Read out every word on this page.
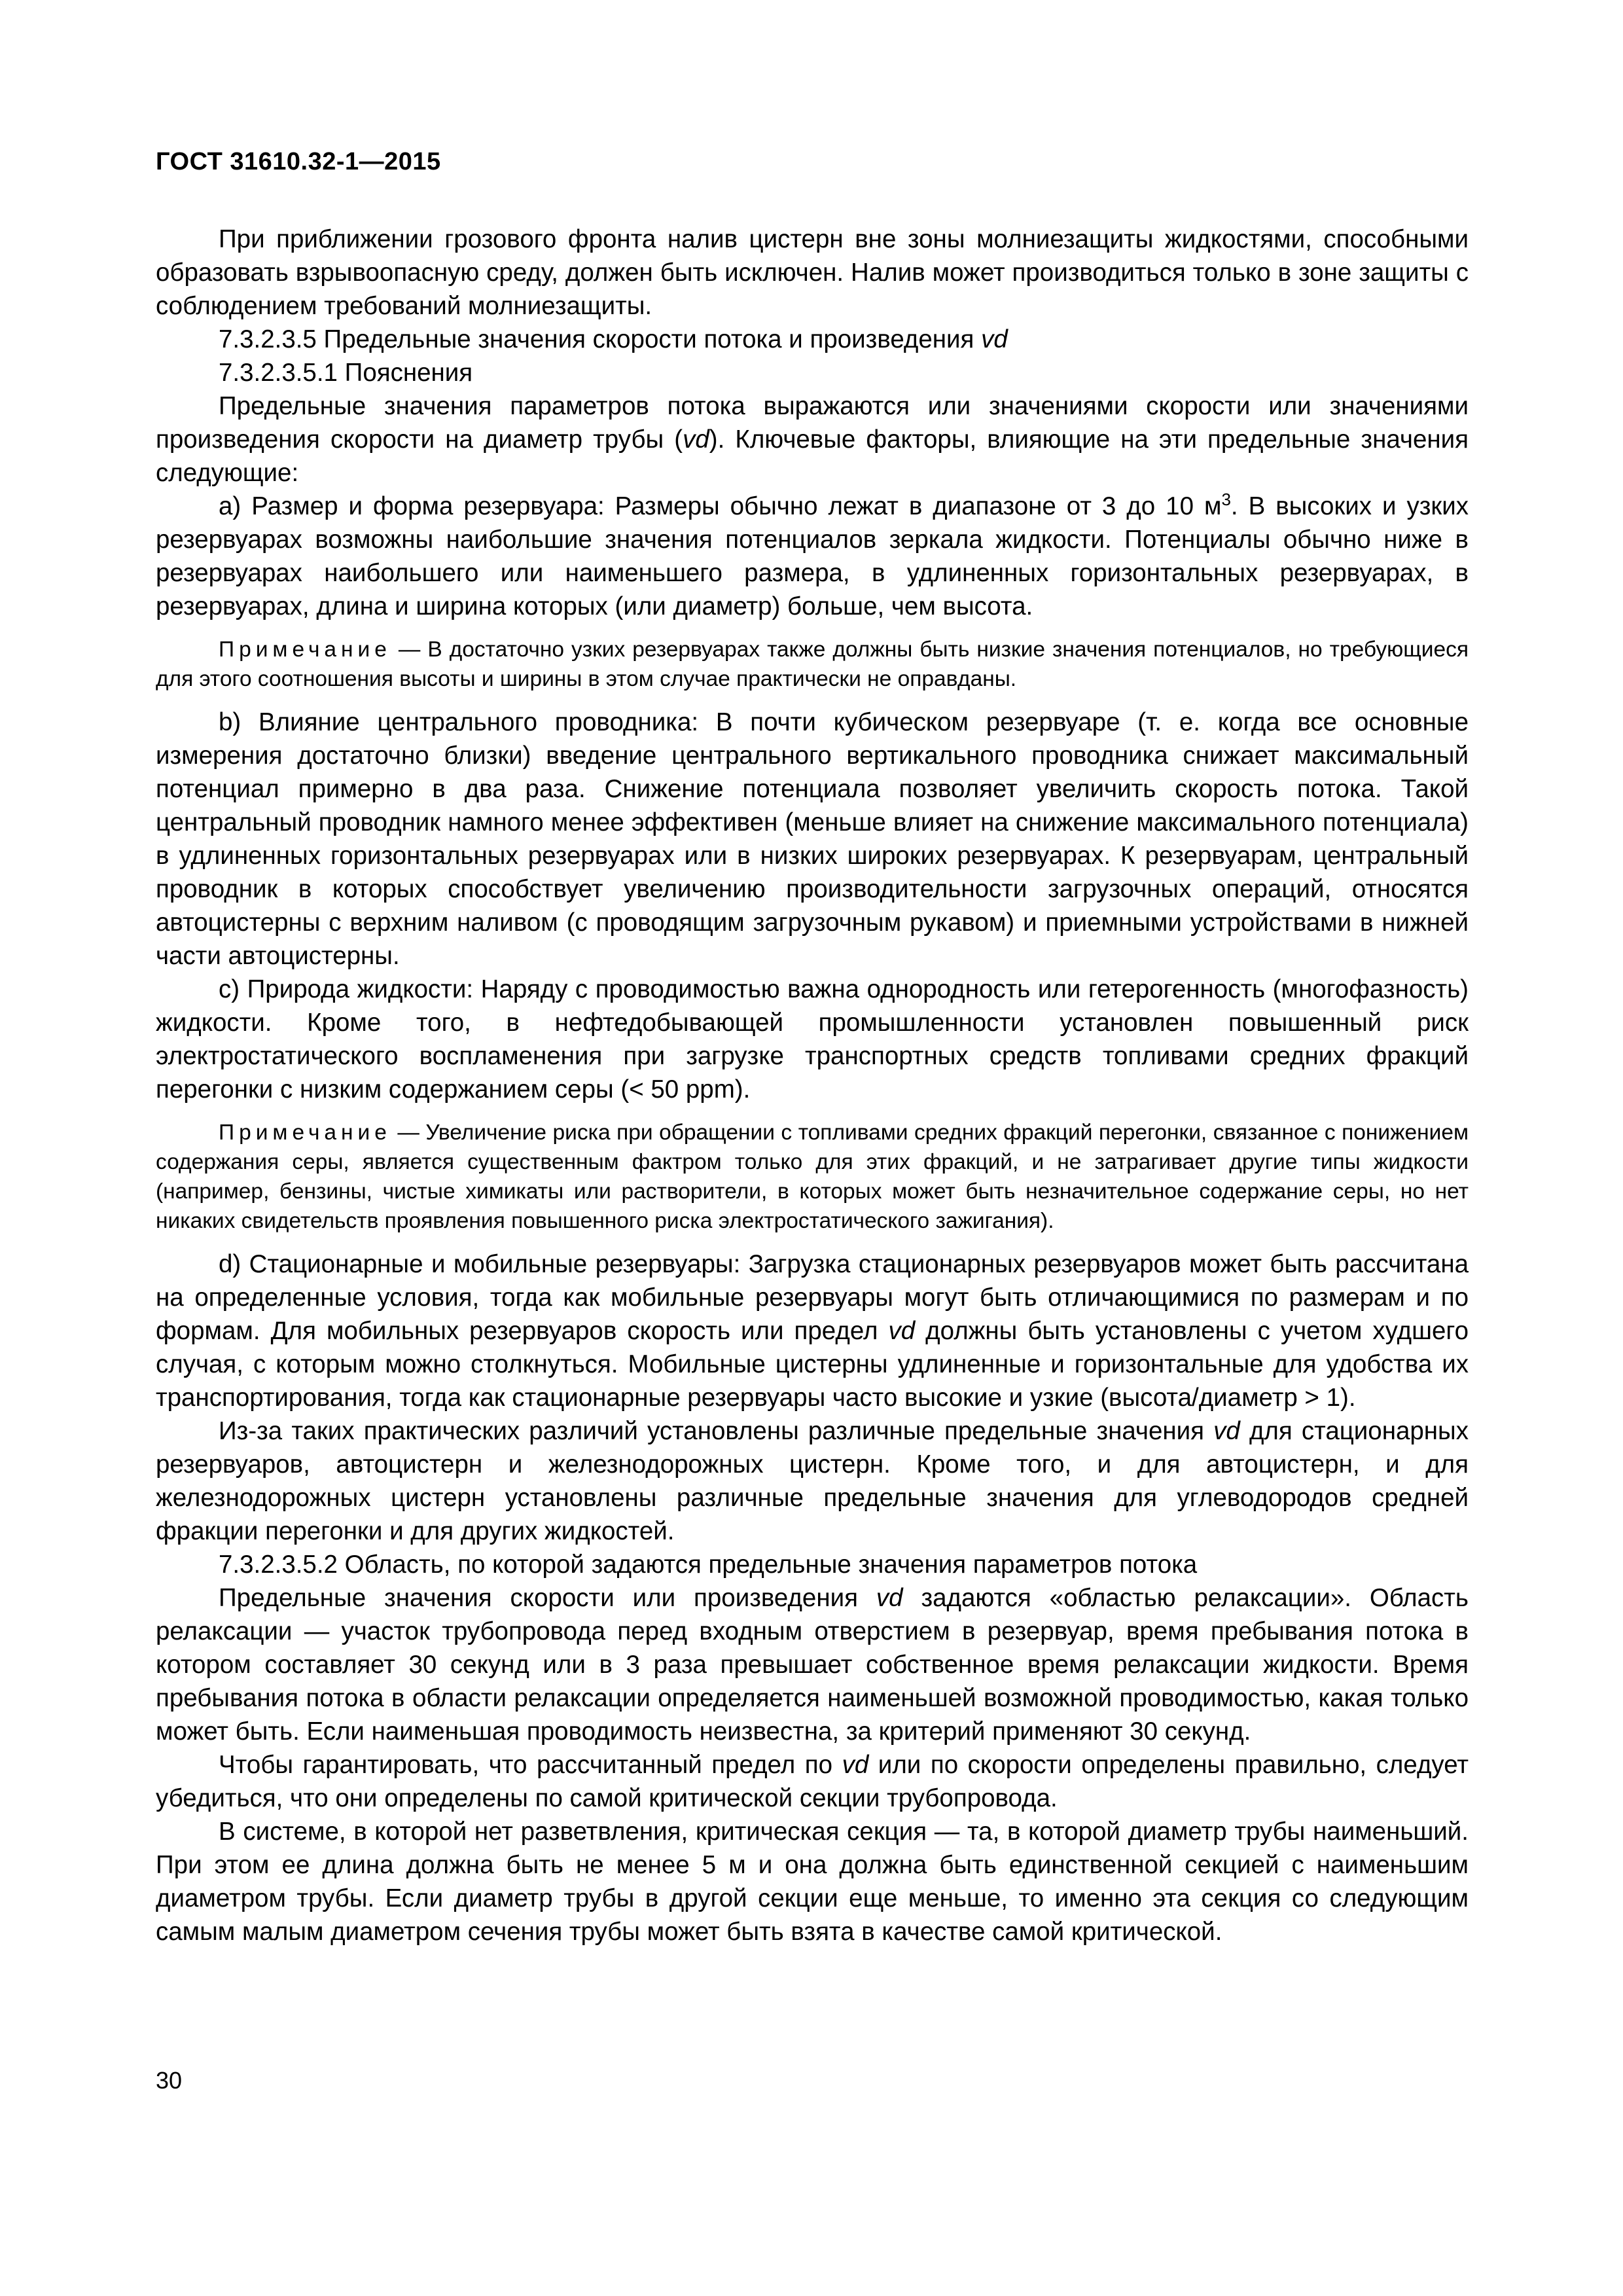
ГОСТ 31610.32-1—2015

При приближении грозового фронта налив цистерн вне зоны молниезащиты жидкостями, способными образовать взрывоопасную среду, должен быть исключен. Налив может производиться только в зоне защиты с соблюдением требований молниезащиты.

7.3.2.3.5 Предельные значения скорости потока и произведения vd

7.3.2.3.5.1 Пояснения

Предельные значения параметров потока выражаются или значениями скорости или значениями произведения скорости на диаметр трубы (vd). Ключевые факторы, влияющие на эти предельные значения следующие:

a) Размер и форма резервуара: Размеры обычно лежат в диапазоне от 3 до 10 $м^3$. В высоких и узких резервуарах возможны наибольшие значения потенциалов зеркала жидкости. Потенциалы обычно ниже в резервуарах наибольшего или наименьшего размера, в удлиненных горизонтальных резервуарах, в резервуарах, длина и ширина которых (или диаметр) больше, чем высота.

Примечание — В достаточно узких резервуарах также должны быть низкие значения потенциалов, но требующиеся для этого соотношения высоты и ширины в этом случае практически не оправданы.

b) Влияние центрального проводника: В почти кубическом резервуаре (т. е. когда все основные измерения достаточно близки) введение центрального вертикального проводника снижает максимальный потенциал примерно в два раза. Снижение потенциала позволяет увеличить скорость потока. Такой центральный проводник намного менее эффективен (меньше влияет на снижение максимального потенциала) в удлиненных горизонтальных резервуарах или в низких широких резервуарах. К резервуарам, центральный проводник в которых способствует увеличению производительности загрузочных операций, относятся автоцистерны с верхним наливом (с проводящим загрузочным рукавом) и приемными устройствами в нижней части автоцистерны.

c) Природа жидкости: Наряду с проводимостью важна однородность или гетерогенность (многофазность) жидкости. Кроме того, в нефтедобывающей промышленности установлен повышенный риск электростатического воспламенения при загрузке транспортных средств топливами средних фракций перегонки с низким содержанием серы (< 50 ppm).

Примечание — Увеличение риска при обращении с топливами средних фракций перегонки, связанное с понижением содержания серы, является существенным фактром только для этих фракций, и не затрагивает другие типы жидкости (например, бензины, чистые химикаты или растворители, в которых может быть незначительное содержание серы, но нет никаких свидетельств проявления повышенного риска электростатического зажигания).

d) Стационарные и мобильные резервуары: Загрузка стационарных резервуаров может быть рассчитана на определенные условия, тогда как мобильные резервуары могут быть отличающимися по размерам и по формам. Для мобильных резервуаров скорость или предел vd должны быть установлены с учетом худшего случая, с которым можно столкнуться. Мобильные цистерны удлиненные и горизонтальные для удобства их транспортирования, тогда как стационарные резервуары часто высокие и узкие (высота/диаметр > 1).

Из-за таких практических различий установлены различные предельные значения vd для стационарных резервуаров, автоцистерн и железнодорожных цистерн. Кроме того, и для автоцистерн, и для железнодорожных цистерн установлены различные предельные значения для углеводородов средней фракции перегонки и для других жидкостей.

7.3.2.3.5.2 Область, по которой задаются предельные значения параметров потока

Предельные значения скорости или произведения vd задаются «областью релаксации». Область релаксации — участок трубопровода перед входным отверстием в резервуар, время пребывания потока в котором составляет 30 секунд или в 3 раза превышает собственное время релаксации жидкости. Время пребывания потока в области релаксации определяется наименьшей возможной проводимостью, какая только может быть. Если наименьшая проводимость неизвестна, за критерий применяют 30 секунд.

Чтобы гарантировать, что рассчитанный предел по vd или по скорости определены правильно, следует убедиться, что они определены по самой критической секции трубопровода.

В системе, в которой нет разветвления, критическая секция — та, в которой диаметр трубы наименьший. При этом ее длина должна быть не менее 5 м и она должна быть единственной секцией с наименьшим диаметром трубы. Если диаметр трубы в другой секции еще меньше, то именно эта секция со следующим самым малым диаметром сечения трубы может быть взята в качестве самой критической.

30
